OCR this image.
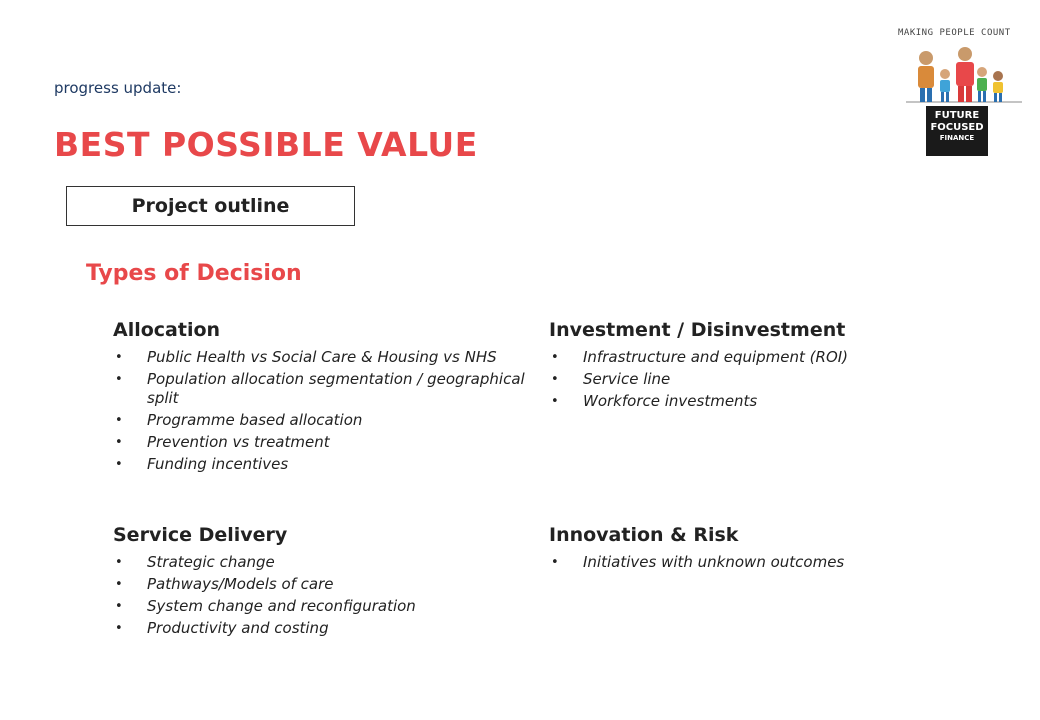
progress update:
BEST POSSIBLE VALUE
Project outline
Types of Decision
Allocation
• Public Health vs Social Care & Housing vs NHS
• Population allocation segmentation / geographical split
• Programme based allocation
• Prevention vs treatment
• Funding incentives
Investment / Disinvestment
• Infrastructure and equipment (ROI)
• Service line
• Workforce investments
Service Delivery
• Strategic change
• Pathways/Models of care
• System change and reconfiguration
• Productivity and costing
Innovation & Risk
• Initiatives with unknown outcomes
MAKING PEOPLE COUNT
FUTURE
FOCUSED
FINANCE
